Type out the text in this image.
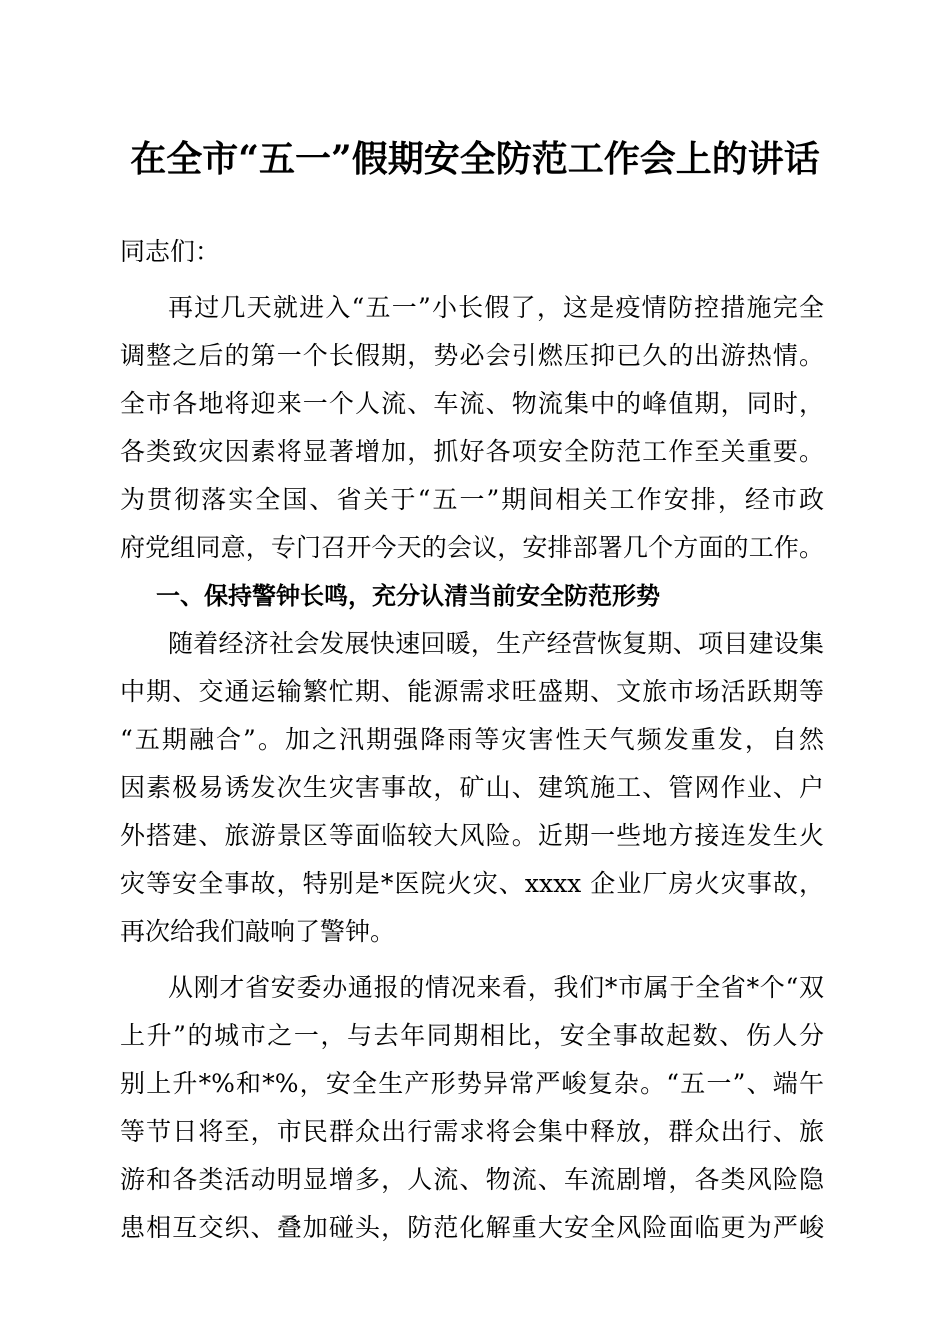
在全市“五一”假期安全防范工作会上的讲话
同志们：
再过几天就进入“五一”小长假了，这是疫情防控措施完全
调整之后的第一个长假期，势必会引燃压抑已久的出游热情。
全市各地将迎来一个人流、车流、物流集中的峰值期，同时，
各类致灾因素将显著增加，抓好各项安全防范工作至关重要。
为贯彻落实全国、省关于“五一”期间相关工作安排，经市政
府党组同意，专门召开今天的会议，安排部署几个方面的工作。
一、保持警钟长鸣，充分认清当前安全防范形势
随着经济社会发展快速回暖，生产经营恢复期、项目建设集
中期、交通运输繁忙期、能源需求旺盛期、文旅市场活跃期等
“五期融合”。加之汛期强降雨等灾害性天气频发重发，自然
因素极易诱发次生灾害事故，矿山、建筑施工、管网作业、户
外搭建、旅游景区等面临较大风险。近期一些地方接连发生火
灾等安全事故，特别是*医院火灾、xxxx 企业厂房火灾事故，
再次给我们敲响了警钟。
从刚才省安委办通报的情况来看，我们*市属于全省*个“双
上升”的城市之一，与去年同期相比，安全事故起数、伤人分
别上升*%和*%，安全生产形势异常严峻复杂。“五一”、端午
等节日将至，市民群众出行需求将会集中释放，群众出行、旅
游和各类活动明显增多，人流、物流、车流剧增，各类风险隐
患相互交织、叠加碰头，防范化解重大安全风险面临更为严峻
